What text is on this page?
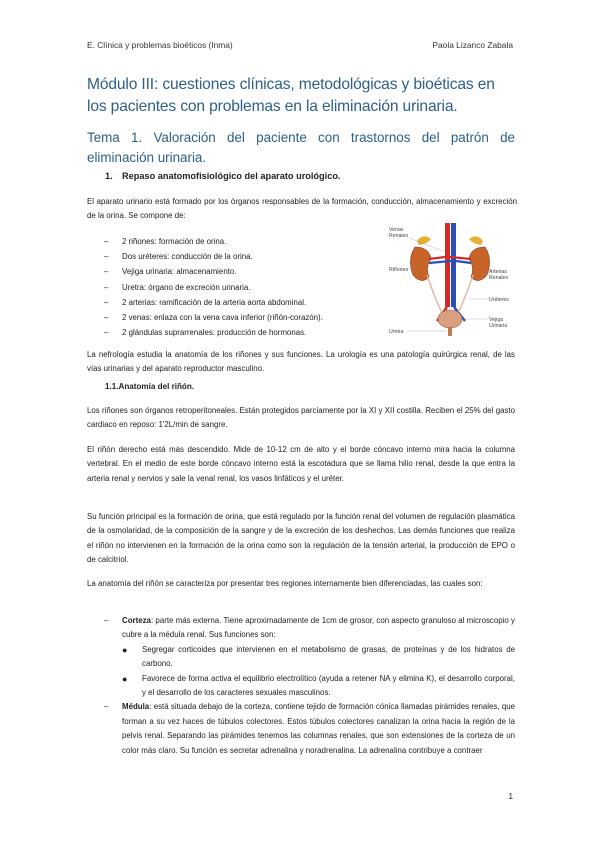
E. Clínica y problemas bioéticos (Inma)	Paola Lizanco Zabala
Módulo III: cuestiones clínicas, metodológicas y bioéticas en los pacientes con problemas en la eliminación urinaria.
Tema 1. Valoración del paciente con trastornos del patrón de eliminación urinaria.
1. Repaso anatomofisiológico del aparato urológico.
El aparato urinario está formado por los órganos responsables de la formación, conducción, almacenamiento y excreción de la orina. Se compone de:
– 2 riñones: formación de orina.
– Dos uréteres: conducción de la orina.
– Vejiga urinaria: almacenamiento.
– Uretra: órgano de excreción urinaria.
– 2 arterias: ramificación de la arteria aorta abdominal.
– 2 venas: enlaza con la vena cava inferior (riñón-corazón).
– 2 glándulas suprarrenales: producción de hormonas.
Venas
Renales
Riñones	Arterias
Renales
Uréteres
Uretra
Vejiga
Urinaria
La nefrología estudia la anatomía de los riñones y sus funciones. La urología es una patología quirúrgica renal, de las vías urinarias y del aparato reproductor masculino.
1.1.Anatomía del riñón.
Los riñones son órganos retroperitoneales. Están protegidos parciamente por la XI y XII costilla. Reciben el 25% del gasto cardiaco en reposo: 1'2L/min de sangre.
El riñón derecho está más descendido. Mide de 10-12 cm de alto y el borde cóncavo interno mira hacia la columna vertebral. En el medio de este borde cóncavo interno está la escotadura que se llama hilio renal, desde la que entra la arteria renal y nervios y sale la venal renal, los vasos linfáticos y el uréter.
Su función principal es la formación de orina, que está regulado por la función renal del volumen de regulación plasmática de la osmolaridad, de la composición de la sangre y de la excreción de los deshechos. Las demás funciones que realiza el riñón no intervienen en la formación de la orina como son la regulación de la tensión arterial, la producción de EPO o de calcitriol.
La anatomía del riñón se caracteriza por presentar tres regiones internamente bien diferenciadas, las cuales son:
–	Corteza: parte más externa. Tiene aproximadamente de 1cm de grosor, con aspecto granuloso al microscopio y cubre a la médula renal. Sus funciones son:
●	Segregar corticoides que intervienen en el metabolismo de grasas, de proteínas y de los hidratos de carbono.
●	Favorece de forma activa el equilibrio electrolítico (ayuda a retener NA y elimina K), el desarrollo corporal, y el desarrollo de los caracteres sexuales masculinos.
–	Médula: está situada debajo de la corteza, contiene tejido de formación cónica llamadas pirámides renales, que forman a su vez haces de túbulos colectores. Estos túbulos colectores canalizan la orina hacia la región de la pelvis renal. Separando las pirámides tenemos las columnas renales, que son extensiones de la corteza de un color más claro. Su función es secretar adrenalina y noradrenalina. La adrenalina contribuye a contraer
1
